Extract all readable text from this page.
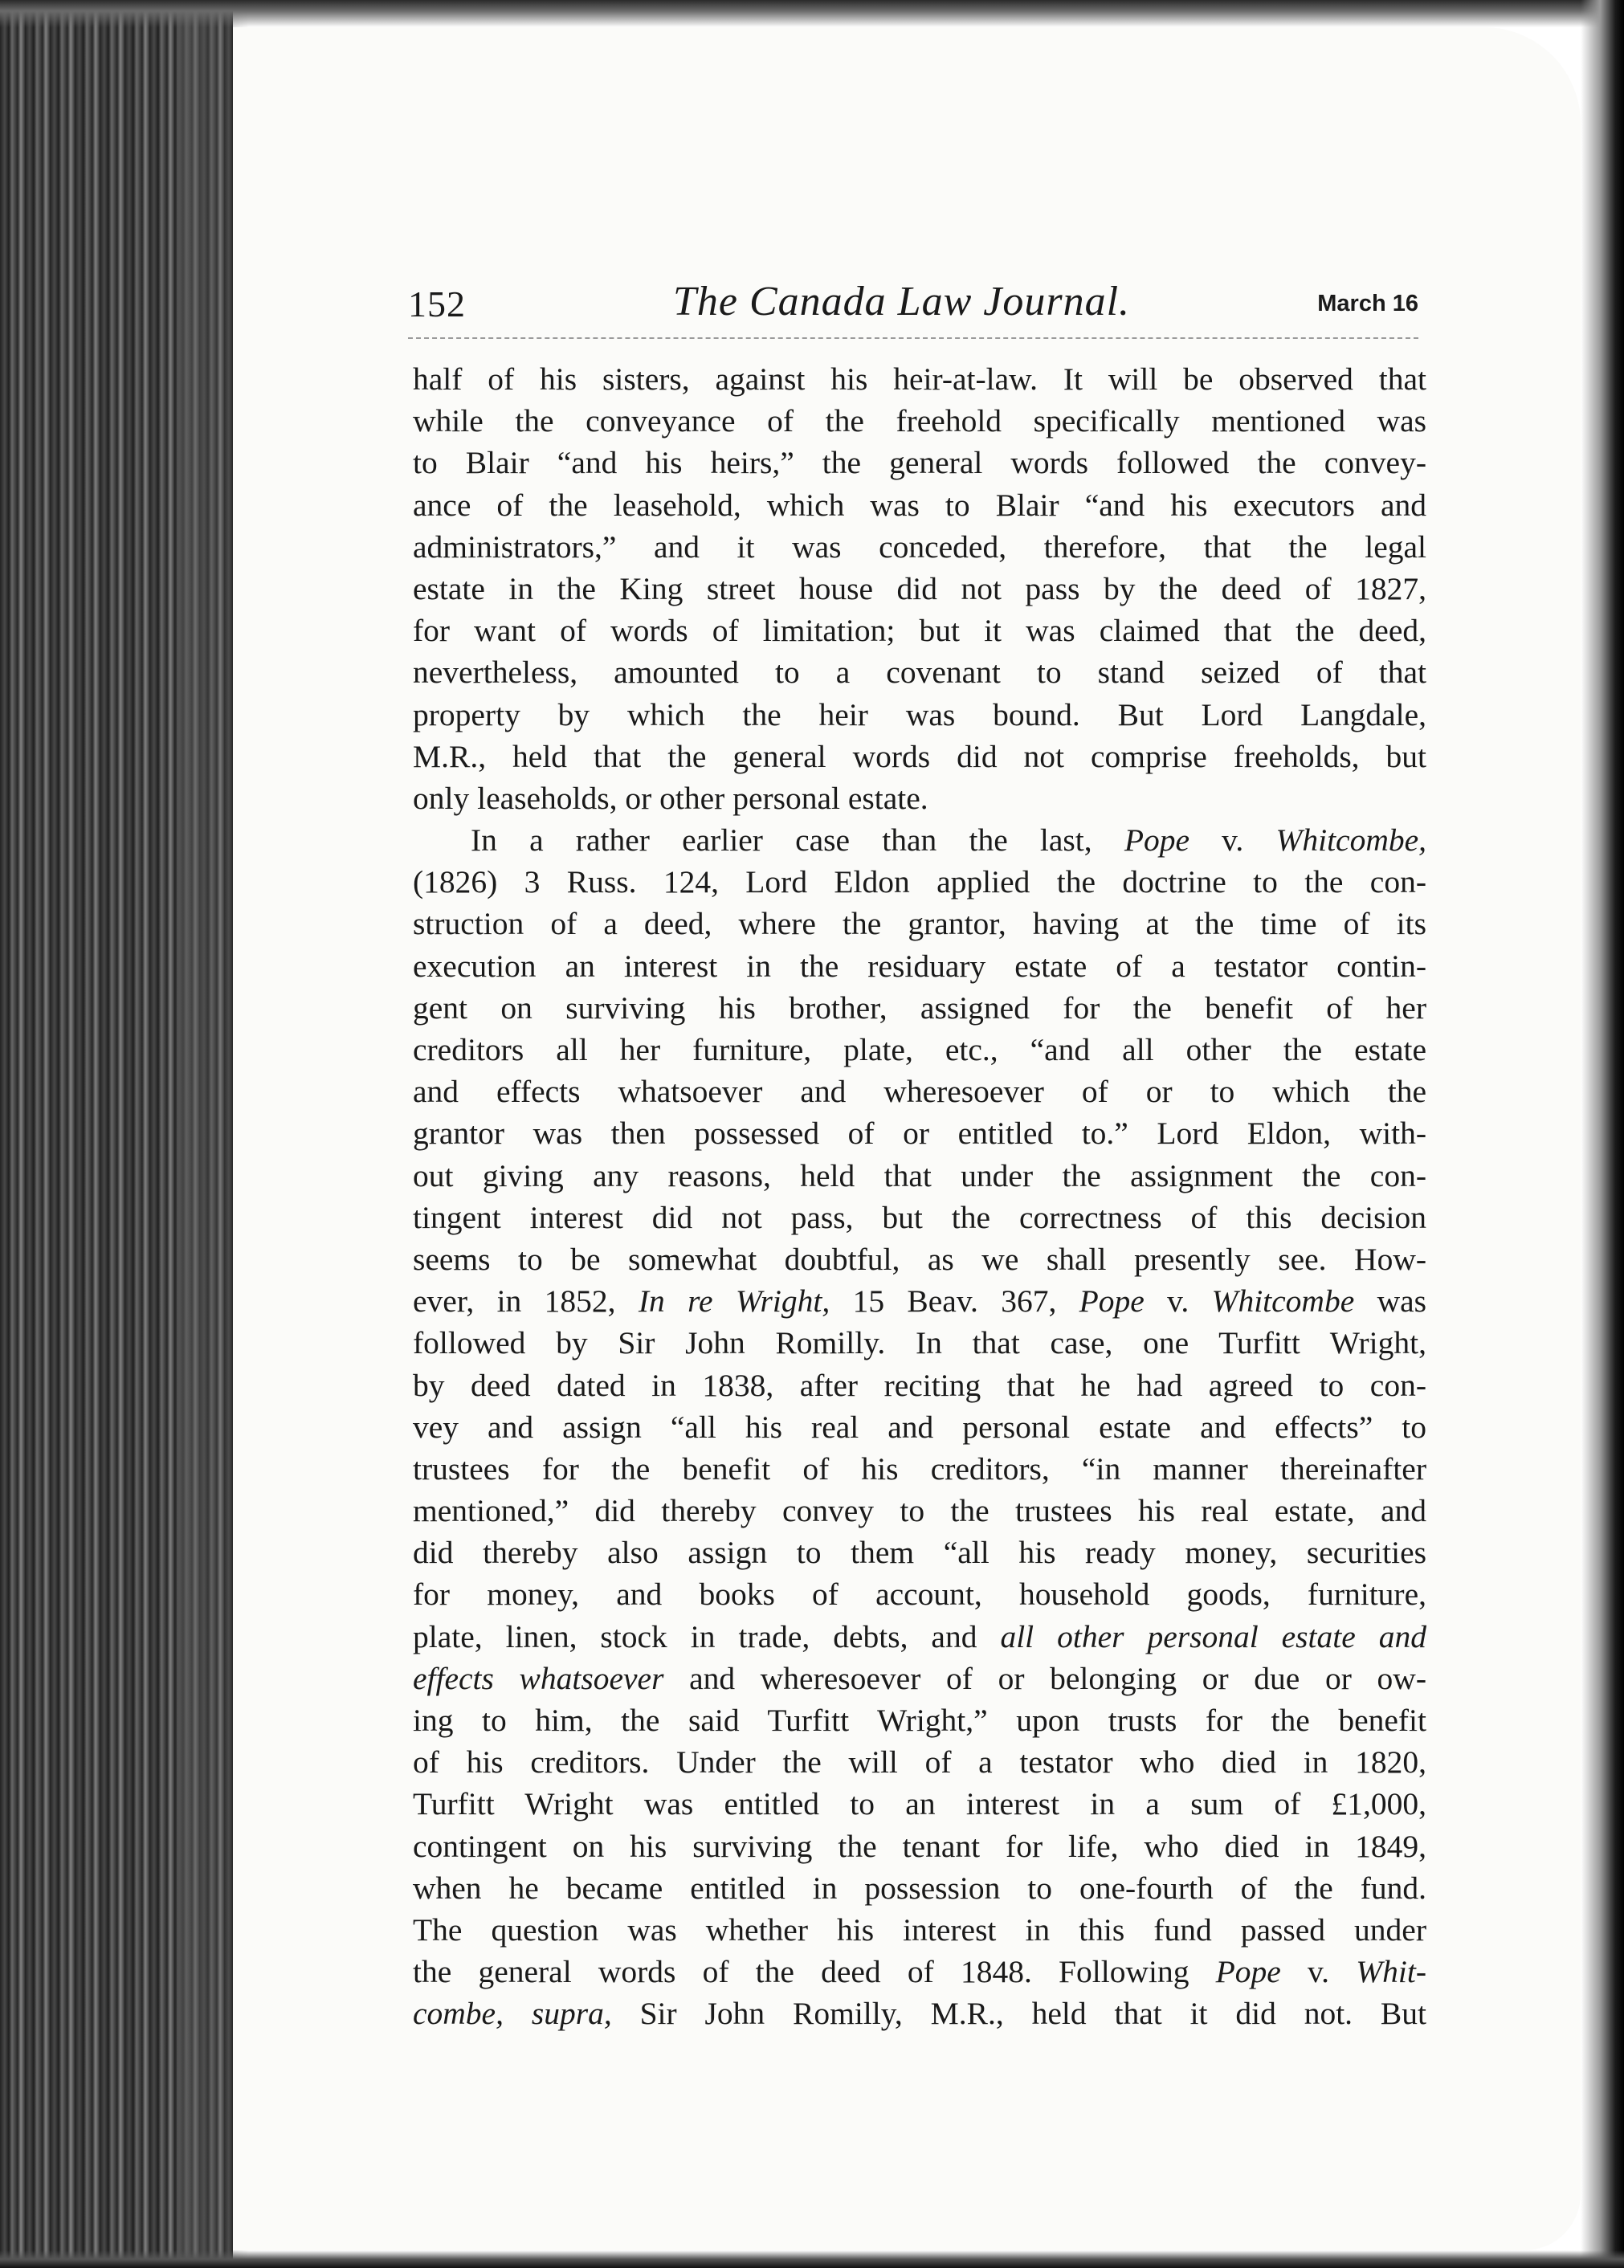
152	The Canada Law Journal.	March 16
half of his sisters, against his heir-at-law. It will be observed that
while the conveyance of the freehold specifically mentioned was
to Blair “and his heirs,” the general words followed the convey-
ance of the leasehold, which was to Blair “and his executors and
administrators,” and it was conceded, therefore, that the legal
estate in the King street house did not pass by the deed of 1827,
for want of words of limitation; but it was claimed that the deed,
nevertheless, amounted to a covenant to stand seized of that
property by which the heir was bound. But Lord Langdale,
M.R., held that the general words did not comprise freeholds, but
only leaseholds, or other personal estate.
In a rather earlier case than the last, Pope v. Whitcombe,
(1826) 3 Russ. 124, Lord Eldon applied the doctrine to the con-
struction of a deed, where the grantor, having at the time of its
execution an interest in the residuary estate of a testator contin-
gent on surviving his brother, assigned for the benefit of her
creditors all her furniture, plate, etc., “and all other the estate
and effects whatsoever and wheresoever of or to which the
grantor was then possessed of or entitled to.” Lord Eldon, with-
out giving any reasons, held that under the assignment the con-
tingent interest did not pass, but the correctness of this decision
seems to be somewhat doubtful, as we shall presently see. How-
ever, in 1852, In re Wright, 15 Beav. 367, Pope v. Whitcombe was
followed by Sir John Romilly. In that case, one Turfitt Wright,
by deed dated in 1838, after reciting that he had agreed to con-
vey and assign “all his real and personal estate and effects” to
trustees for the benefit of his creditors, “in manner thereinafter
mentioned,” did thereby convey to the trustees his real estate, and
did thereby also assign to them “all his ready money, securities
for money, and books of account, household goods, furniture,
plate, linen, stock in trade, debts, and all other personal estate and
effects whatsoever and wheresoever of or belonging or due or ow-
ing to him, the said Turfitt Wright,” upon trusts for the benefit
of his creditors. Under the will of a testator who died in 1820,
Turfitt Wright was entitled to an interest in a sum of £1,000,
contingent on his surviving the tenant for life, who died in 1849,
when he became entitled in possession to one-fourth of the fund.
The question was whether his interest in this fund passed under
the general words of the deed of 1848. Following Pope v. Whit-
combe, supra, Sir John Romilly, M.R., held that it did not. But
